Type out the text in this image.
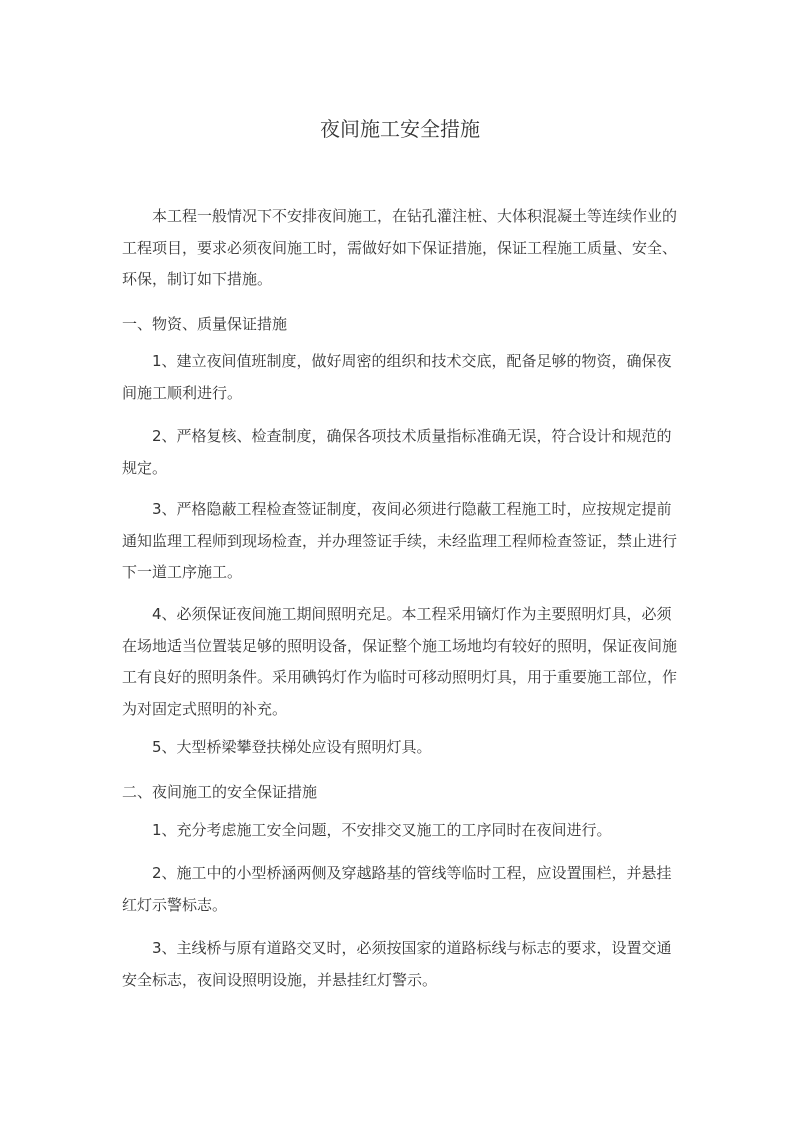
夜间施工安全措施

本工程一般情况下不安排夜间施工，在钻孔灌注桩、大体积混凝土等连续作业的工程项目，要求必须夜间施工时，需做好如下保证措施，保证工程施工质量、安全、环保，制订如下措施。

一、物资、质量保证措施

1、建立夜间值班制度，做好周密的组织和技术交底，配备足够的物资，确保夜间施工顺利进行。

2、严格复核、检查制度，确保各项技术质量指标准确无误，符合设计和规范的规定。

3、严格隐蔽工程检查签证制度，夜间必须进行隐蔽工程施工时，应按规定提前通知监理工程师到现场检查，并办理签证手续，未经监理工程师检查签证，禁止进行下一道工序施工。

4、必须保证夜间施工期间照明充足。本工程采用镝灯作为主要照明灯具，必须在场地适当位置装足够的照明设备，保证整个施工场地均有较好的照明，保证夜间施工有良好的照明条件。采用碘钨灯作为临时可移动照明灯具，用于重要施工部位，作为对固定式照明的补充。

5、大型桥梁攀登扶梯处应设有照明灯具。

二、夜间施工的安全保证措施

1、充分考虑施工安全问题，不安排交叉施工的工序同时在夜间进行。

2、施工中的小型桥涵两侧及穿越路基的管线等临时工程，应设置围栏，并悬挂红灯示警标志。

3、主线桥与原有道路交叉时，必须按国家的道路标线与标志的要求，设置交通安全标志，夜间设照明设施，并悬挂红灯警示。
